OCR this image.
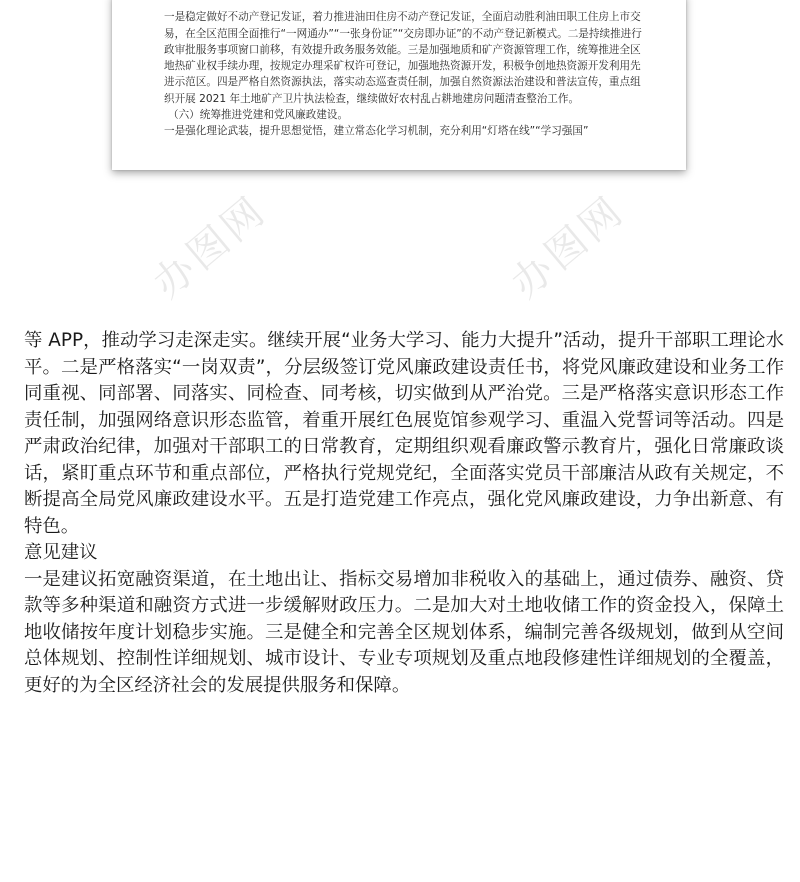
一是稳定做好不动产登记发证，着力推进油田住房不动产登记发证，全面启动胜利油田职工住房上市交易，在全区范围全面推行“一网通办”“一张身份证”“交房即办证”的不动产登记新模式。二是持续推进行政审批服务事项窗口前移，有效提升政务服务效能。三是加强地质和矿产资源管理工作，统筹推进全区地热矿业权手续办理，按规定办理采矿权许可登记，加强地热资源开发，积极争创地热资源开发利用先进示范区。四是严格自然资源执法，落实动态巡查责任制，加强自然资源法治建设和普法宣传，重点组织开展 2021 年土地矿产卫片执法检查，继续做好农村乱占耕地建房问题清查整治工作。

（六）统筹推进党建和党风廉政建设。

一是强化理论武装，提升思想觉悟，建立常态化学习机制，充分利用“灯塔在线”“学习强国”

办图网	办图网

等 APP，推动学习走深走实。继续开展“业务大学习、能力大提升”活动，提升干部职工理论水平。二是严格落实“一岗双责”，分层级签订党风廉政建设责任书，将党风廉政建设和业务工作同重视、同部署、同落实、同检查、同考核，切实做到从严治党。三是严格落实意识形态工作责任制，加强网络意识形态监管，着重开展红色展览馆参观学习、重温入党誓词等活动。四是严肃政治纪律，加强对干部职工的日常教育，定期组织观看廉政警示教育片，强化日常廉政谈话，紧盯重点环节和重点部位，严格执行党规党纪，全面落实党员干部廉洁从政有关规定，不断提高全局党风廉政建设水平。五是打造党建工作亮点，强化党风廉政建设，力争出新意、有特色。

意见建议

一是建议拓宽融资渠道，在土地出让、指标交易增加非税收入的基础上，通过债券、融资、贷款等多种渠道和融资方式进一步缓解财政压力。二是加大对土地收储工作的资金投入，保障土地收储按年度计划稳步实施。三是健全和完善全区规划体系，编制完善各级规划，做到从空间总体规划、控制性详细规划、城市设计、专业专项规划及重点地段修建性详细规划的全覆盖，更好的为全区经济社会的发展提供服务和保障。
